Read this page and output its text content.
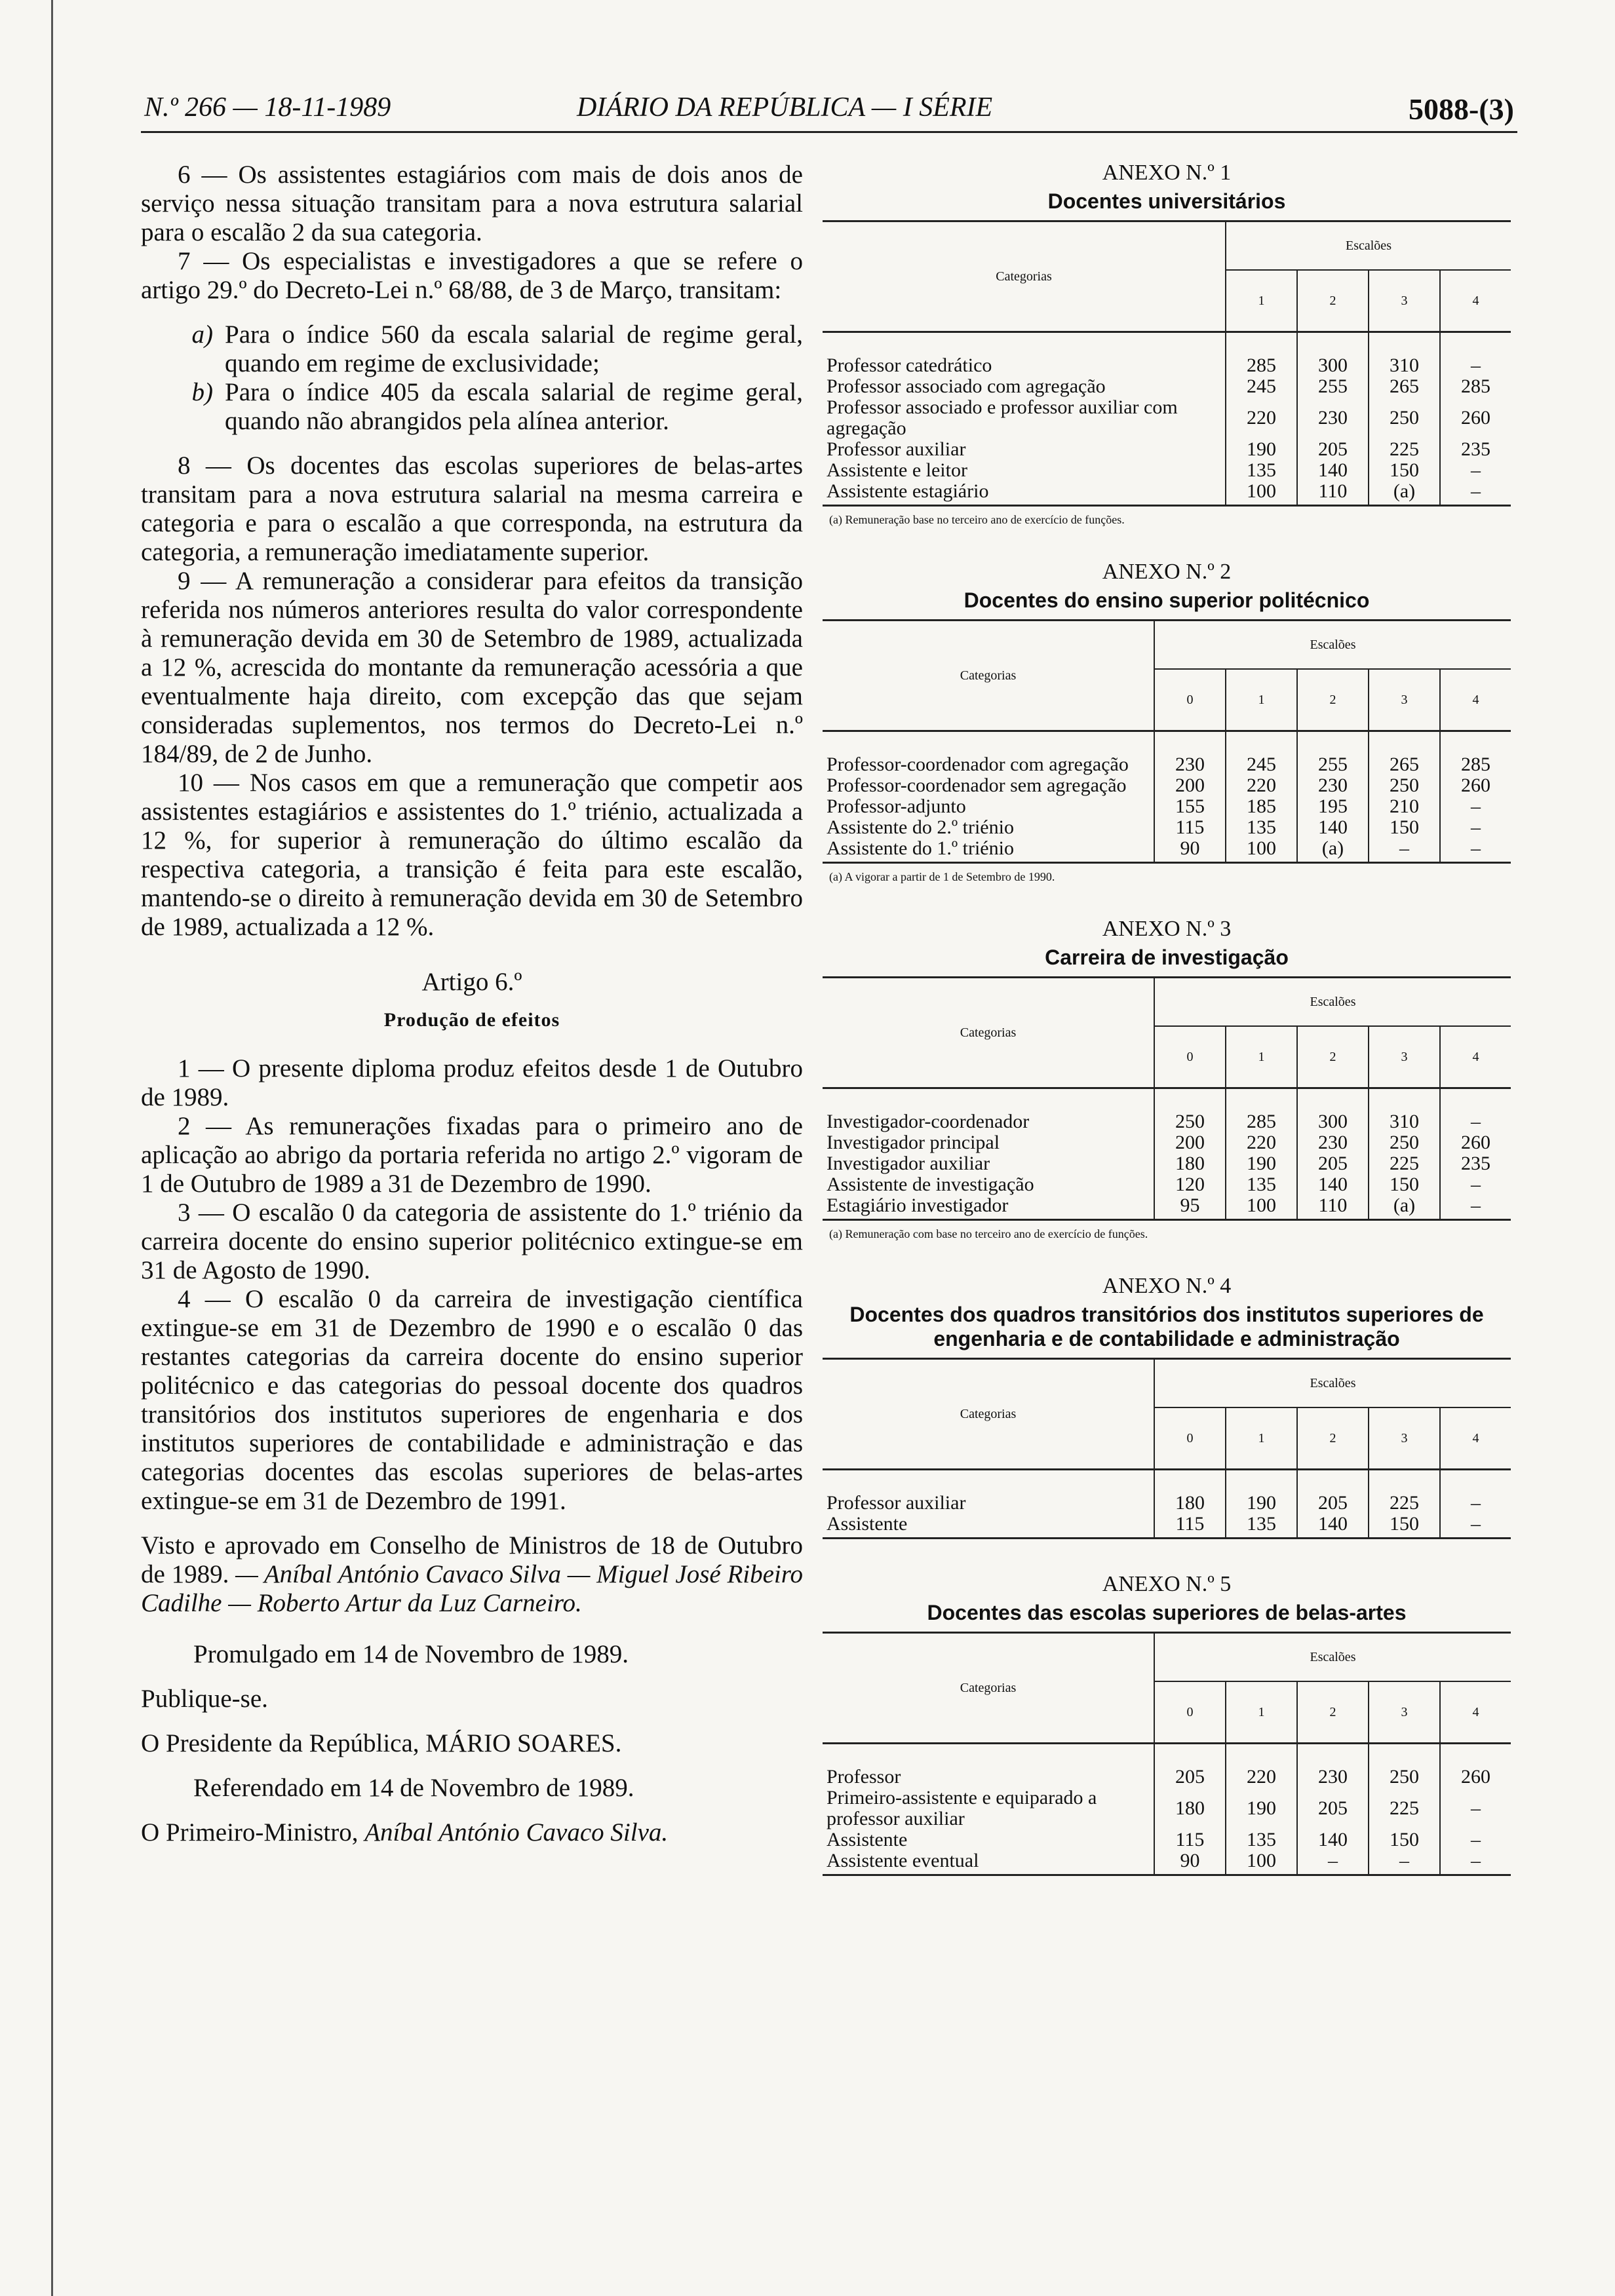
N.º 266 — 18-11-1989	DIÁRIO DA REPÚBLICA — I SÉRIE	5088-(3)

6 — Os assistentes estagiários com mais de dois anos de serviço nessa situação transitam para a nova estrutura salarial para o escalão 2 da sua categoria.

7 — Os especialistas e investigadores a que se refere o artigo 29.º do Decreto-Lei n.º 68/88, de 3 de Março, transitam:

a) Para o índice 560 da escala salarial de regime geral, quando em regime de exclusividade;

b) Para o índice 405 da escala salarial de regime geral, quando não abrangidos pela alínea anterior.

8 — Os docentes das escolas superiores de belas-artes transitam para a nova estrutura salarial na mesma carreira e categoria e para o escalão a que corresponda, na estrutura da categoria, a remuneração imediatamente superior.

9 — A remuneração a considerar para efeitos da transição referida nos números anteriores resulta do valor correspondente à remuneração devida em 30 de Setembro de 1989, actualizada a 12 %, acrescida do montante da remuneração acessória a que eventualmente haja direito, com excepção das que sejam consideradas suplementos, nos termos do Decreto-Lei n.º 184/89, de 2 de Junho.

10 — Nos casos em que a remuneração que competir aos assistentes estagiários e assistentes do 1.º triénio, actualizada a 12 %, for superior à remuneração do último escalão da respectiva categoria, a transição é feita para este escalão, mantendo-se o direito à remuneração devida em 30 de Setembro de 1989, actualizada a 12 %.

Artigo 6.º

Produção de efeitos

1 — O presente diploma produz efeitos desde 1 de Outubro de 1989.

2 — As remunerações fixadas para o primeiro ano de aplicação ao abrigo da portaria referida no artigo 2.º vigoram de 1 de Outubro de 1989 a 31 de Dezembro de 1990.

3 — O escalão 0 da categoria de assistente do 1.º triénio da carreira docente do ensino superior politécnico extingue-se em 31 de Agosto de 1990.

4 — O escalão 0 da carreira de investigação científica extingue-se em 31 de Dezembro de 1990 e o escalão 0 das restantes categorias da carreira docente do ensino superior politécnico e das categorias do pessoal docente dos quadros transitórios dos institutos superiores de engenharia e dos institutos superiores de contabilidade e administração e das categorias docentes das escolas superiores de belas-artes extingue-se em 31 de Dezembro de 1991.

Visto e aprovado em Conselho de Ministros de 18 de Outubro de 1989. — Aníbal António Cavaco Silva — Miguel José Ribeiro Cadilhe — Roberto Artur da Luz Carneiro.

Promulgado em 14 de Novembro de 1989.

Publique-se.

O Presidente da República, MÁRIO SOARES.

Referendado em 14 de Novembro de 1989.

O Primeiro-Ministro, Aníbal António Cavaco Silva.

ANEXO N.º 1

Docentes universitários

Categorias	Escalões			
	1	2	3	4
Professor catedrático	285	300	310	–
Professor associado com agregação	245	255	265	285
Professor associado e professor auxiliar com agregação	220	230	250	260
Professor auxiliar	190	205	225	235
Assistente e leitor	135	140	150	–
Assistente estagiário	100	110	(a)	–

(a) Remuneração base no terceiro ano de exercício de funções.

ANEXO N.º 2

Docentes do ensino superior politécnico

Categorias	Escalões				
	0	1	2	3	4
Professor-coordenador com agregação	230	245	255	265	285
Professor-coordenador sem agregação	200	220	230	250	260
Professor-adjunto	155	185	195	210	–
Assistente do 2.º triénio	115	135	140	150	–
Assistente do 1.º triénio	90	100	(a)	–	–

(a) A vigorar a partir de 1 de Setembro de 1990.

ANEXO N.º 3

Carreira de investigação

Categorias	Escalões				
	0	1	2	3	4
Investigador-coordenador	250	285	300	310	–
Investigador principal	200	220	230	250	260
Investigador auxiliar	180	190	205	225	235
Assistente de investigação	120	135	140	150	–
Estagiário investigador	95	100	110	(a)	–

(a) Remuneração com base no terceiro ano de exercício de funções.

ANEXO N.º 4

Docentes dos quadros transitórios dos institutos superiores de engenharia e de contabilidade e administração

Categorias	Escalões				
	0	1	2	3	4
Professor auxiliar	180	190	205	225	–
Assistente	115	135	140	150	–

ANEXO N.º 5

Docentes das escolas superiores de belas-artes

Categorias	Escalões				
	0	1	2	3	4
Professor	205	220	230	250	260
Primeiro-assistente e equiparado a professor auxiliar	180	190	205	225	–
Assistente	115	135	140	150	–
Assistente eventual	90	100	–	–	–
